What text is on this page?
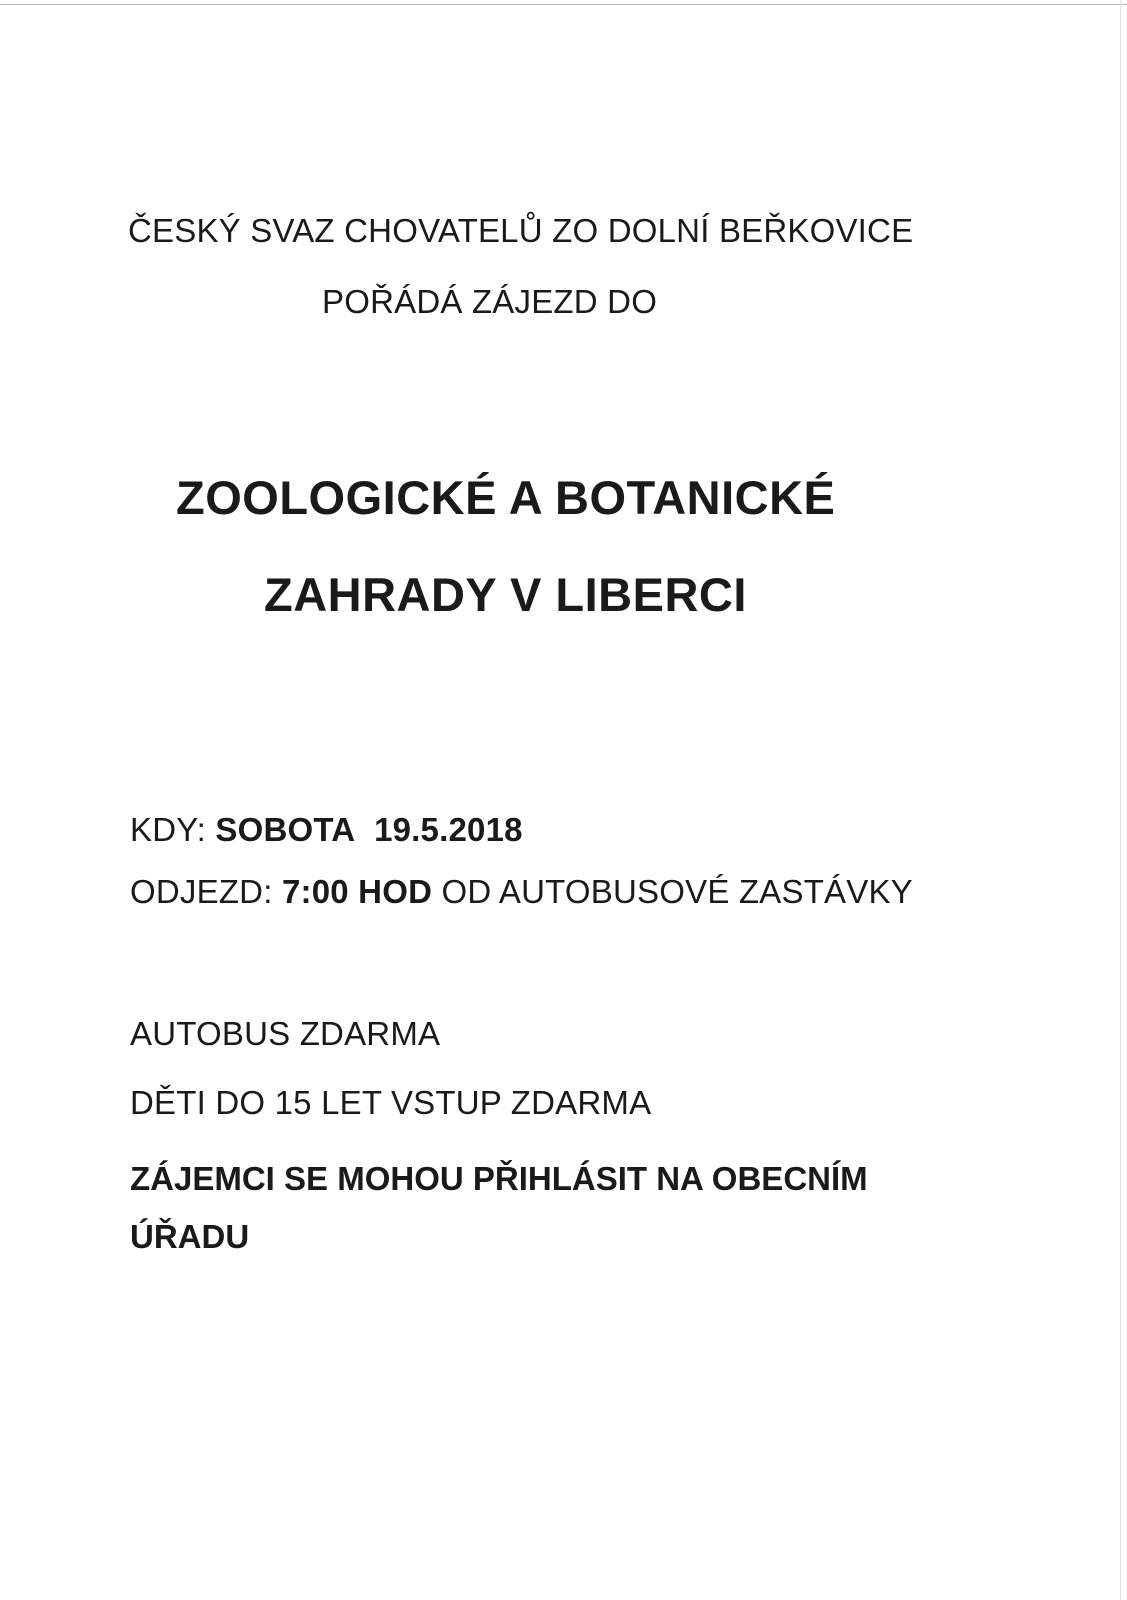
ČESKÝ SVAZ CHOVATELŮ ZO DOLNÍ BEŘKOVICE

POŘÁDÁ ZÁJEZD DO

ZOOLOGICKÉ A BOTANICKÉ

ZAHRADY V LIBERCI

KDY: SOBOTA 19.5.2018

ODJEZD: 7:00 HOD OD AUTOBUSOVÉ ZASTÁVKY

AUTOBUS ZDARMA

DĚTI DO 15 LET VSTUP ZDARMA

ZÁJEMCI SE MOHOU PŘIHLÁSIT NA OBECNÍM

ÚŘADU
